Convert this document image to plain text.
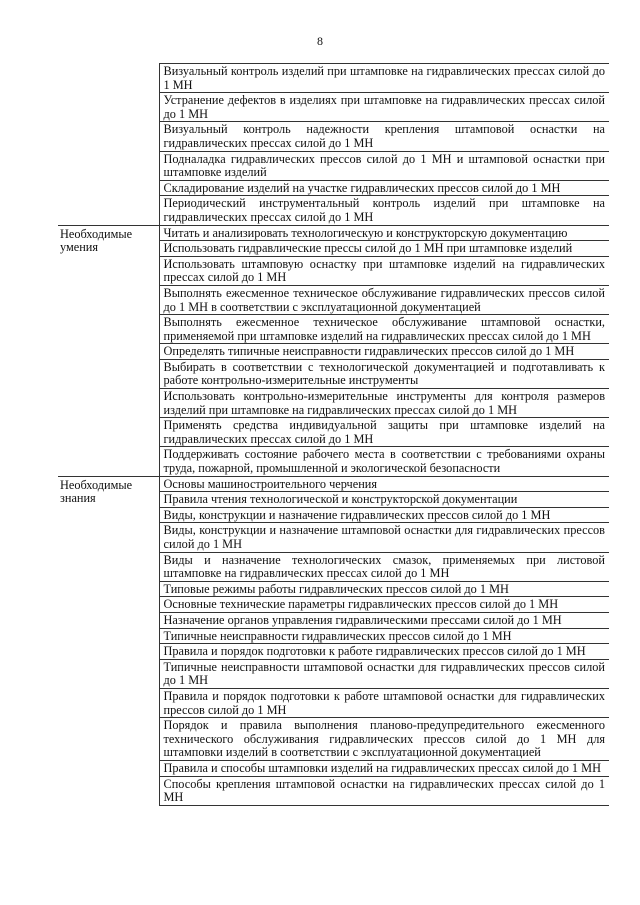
8
	Визуальный контроль изделий при штамповке на гидравлических прессах силой до 1 МН
	Устранение дефектов в изделиях при штамповке на гидравлических прессах силой до 1 МН
	Визуальный контроль надежности крепления штамповой оснастки на гидравлических прессах силой до 1 МН
	Подналадка гидравлических прессов силой до 1 МН и штамповой оснастки при штамповке изделий
	Складирование изделий на участке гидравлических прессов силой до 1 МН
	Периодический инструментальный контроль изделий при штамповке на гидравлических прессах силой до 1 МН

Необходимые умения	Читать и анализировать технологическую и конструкторскую документацию
	Использовать гидравлические прессы силой до 1 МН при штамповке изделий
	Использовать штамповую оснастку при штамповке изделий на гидравлических прессах силой до 1 МН
	Выполнять ежесменное техническое обслуживание гидравлических прессов силой до 1 МН в соответствии с эксплуатационной документацией
	Выполнять ежесменное техническое обслуживание штамповой оснастки, применяемой при штамповке изделий на гидравлических прессах силой до 1 МН
	Определять типичные неисправности гидравлических прессов силой до 1 МН
	Выбирать в соответствии с технологической документацией и подготавливать к работе контрольно-измерительные инструменты
	Использовать контрольно-измерительные инструменты для контроля размеров изделий при штамповке на гидравлических прессах силой до 1 МН
	Применять средства индивидуальной защиты при штамповке изделий на гидравлических прессах силой до 1 МН
	Поддерживать состояние рабочего места в соответствии с требованиями охраны труда, пожарной, промышленной и экологической безопасности

Необходимые знания	Основы машиностроительного черчения
	Правила чтения технологической и конструкторской документации
	Виды, конструкции и назначение гидравлических прессов силой до 1 МН
	Виды, конструкции и назначение штамповой оснастки для гидравлических прессов силой до 1 МН
	Виды и назначение технологических смазок, применяемых при листовой штамповке на гидравлических прессах силой до 1 МН
	Типовые режимы работы гидравлических прессов силой до 1 МН
	Основные технические параметры гидравлических прессов силой до 1 МН
	Назначение органов управления гидравлическими прессами силой до 1 МН
	Типичные неисправности гидравлических прессов силой до 1 МН
	Правила и порядок подготовки к работе гидравлических прессов силой до 1 МН
	Типичные неисправности штамповой оснастки для гидравлических прессов силой до 1 МН
	Правила и порядок подготовки к работе штамповой оснастки для гидравлических прессов силой до 1 МН
	Порядок и правила выполнения планово-предупредительного ежесменного технического обслуживания гидравлических прессов силой до 1 МН для штамповки изделий в соответствии с эксплуатационной документацией
	Правила и способы штамповки изделий на гидравлических прессах силой до 1 МН
	Способы крепления штамповой оснастки на гидравлических прессах силой до 1 МН
